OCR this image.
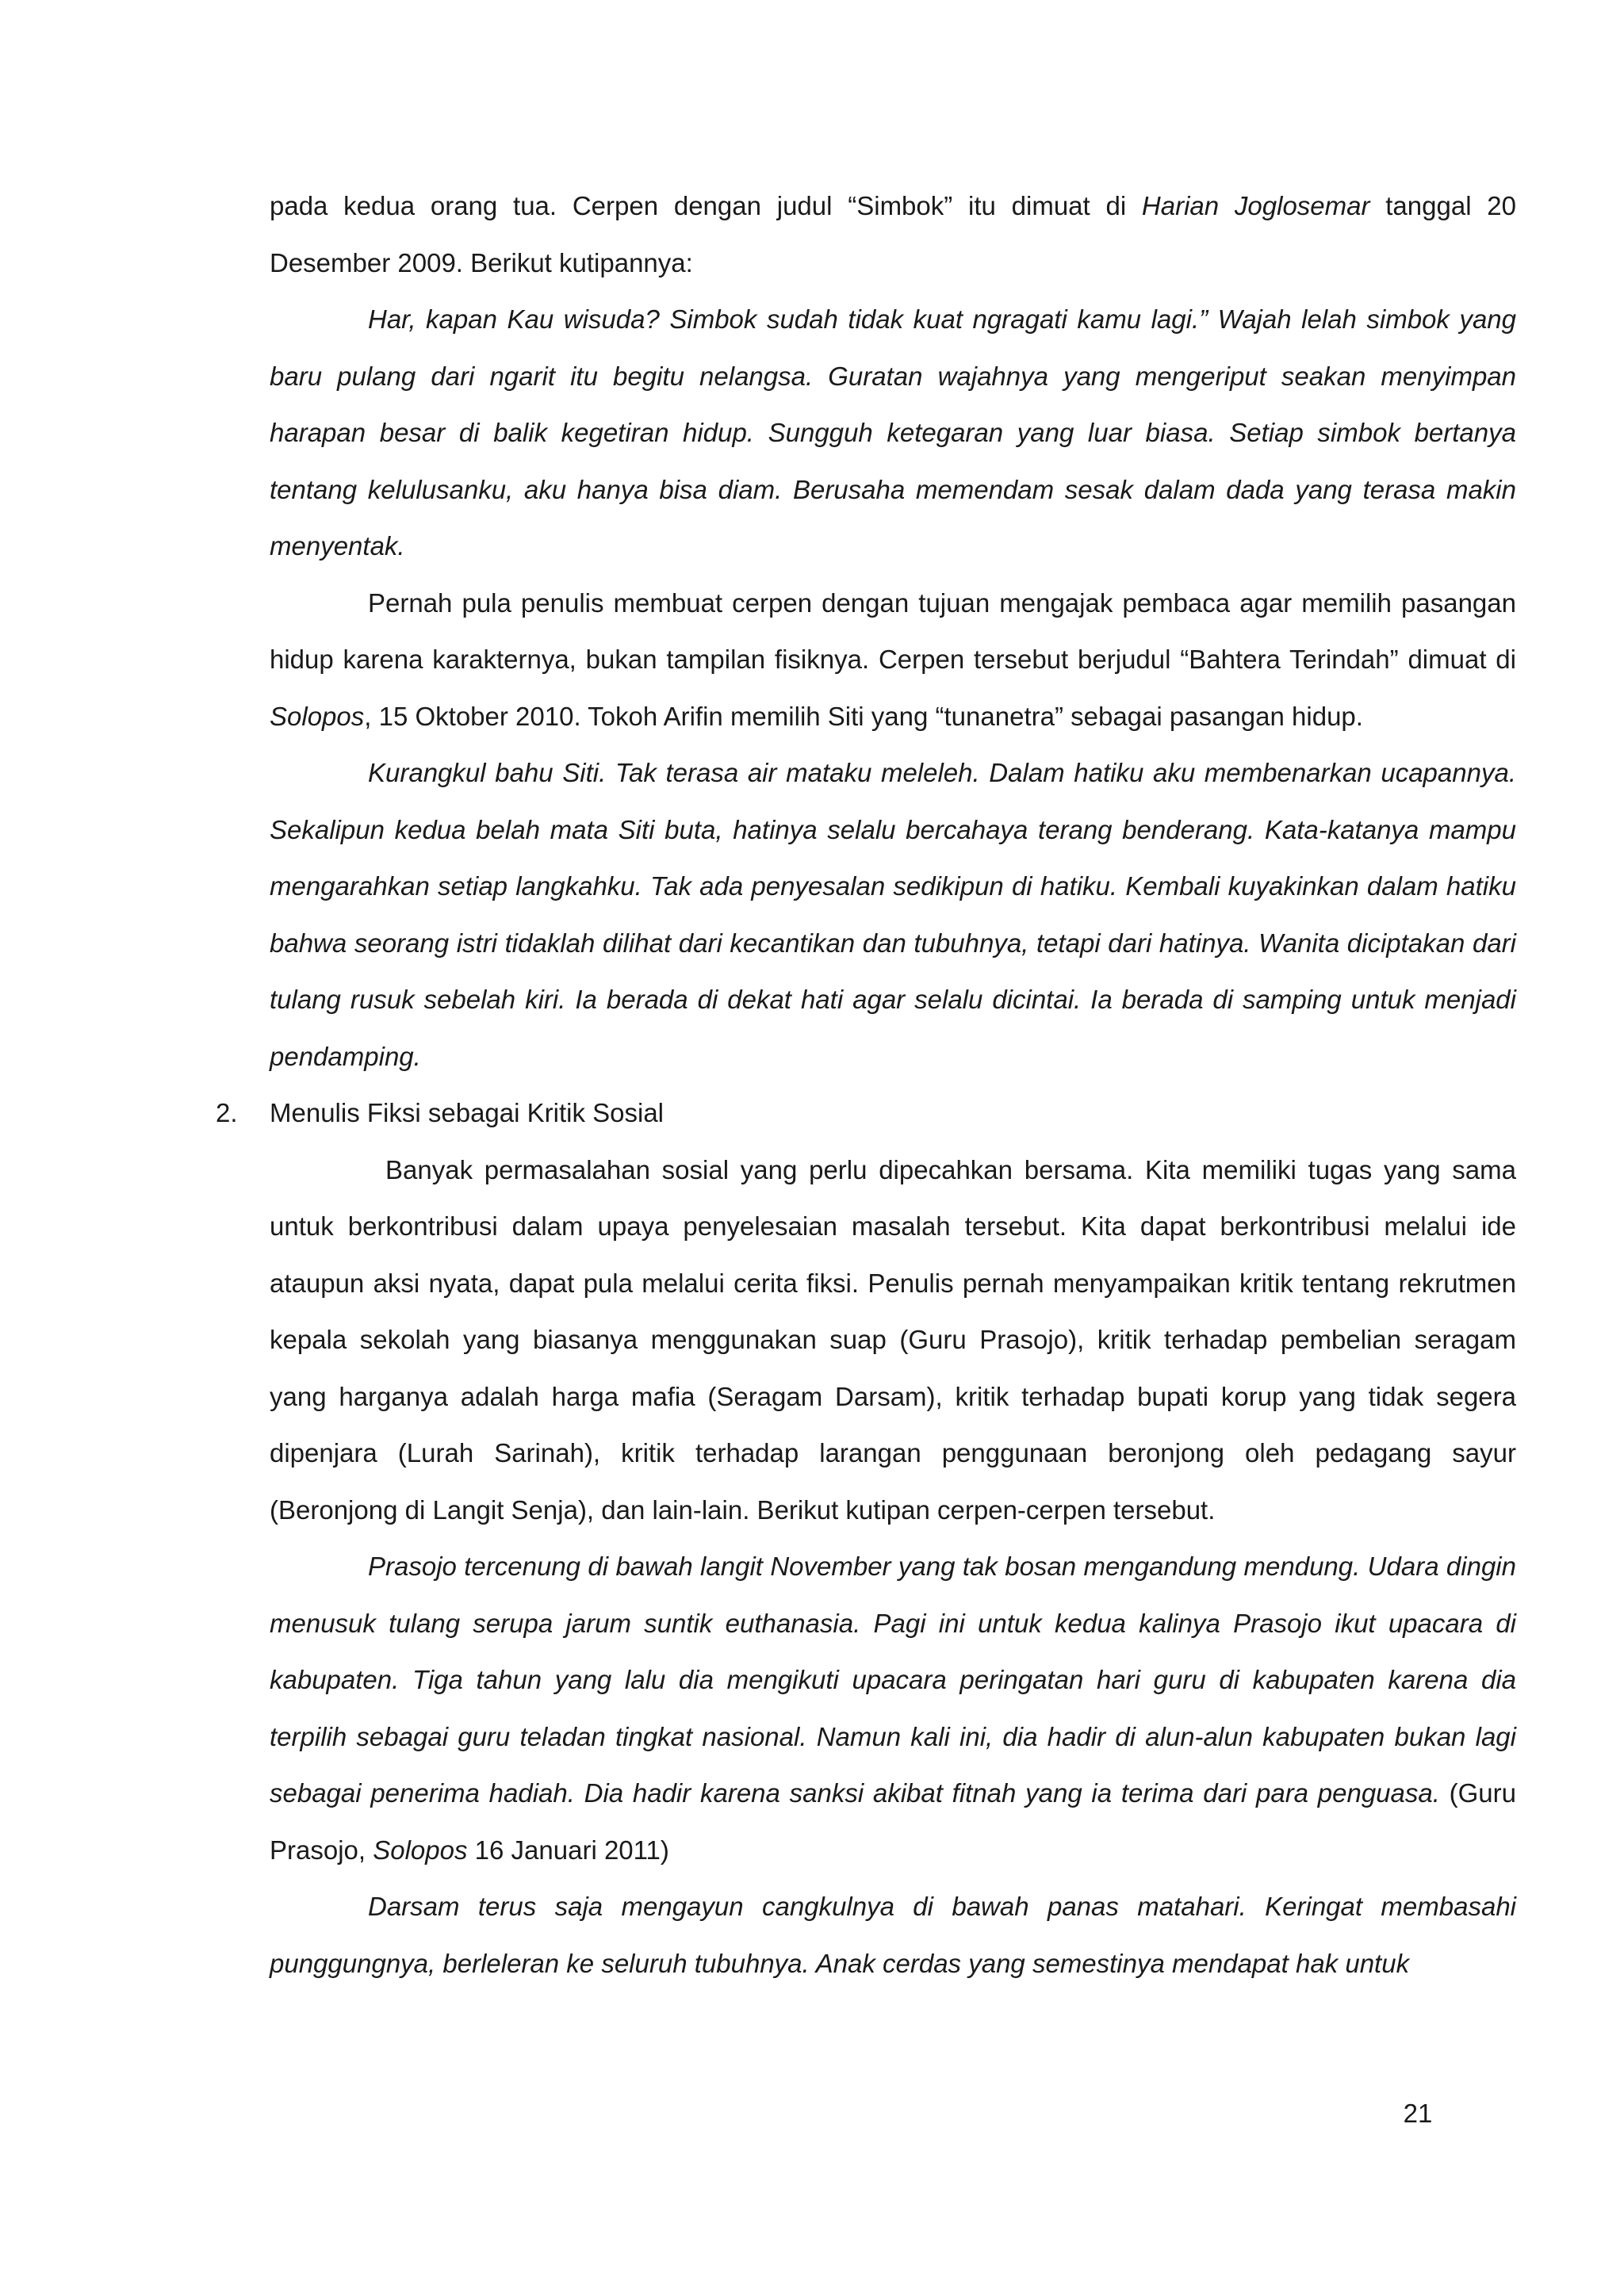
pada kedua orang tua. Cerpen dengan judul “Simbok” itu dimuat di Harian Joglosemar tanggal 20 Desember 2009. Berikut kutipannya:

Har, kapan Kau wisuda? Simbok sudah tidak kuat ngragati kamu lagi.” Wajah lelah simbok yang baru pulang dari ngarit itu begitu nelangsa. Guratan wajahnya yang mengeriput seakan menyimpan harapan besar di balik kegetiran hidup. Sungguh ketegaran yang luar biasa. Setiap simbok bertanya tentang kelulusanku, aku hanya bisa diam. Berusaha memendam sesak dalam dada yang terasa makin menyentak.

Pernah pula penulis membuat cerpen dengan tujuan mengajak pembaca agar memilih pasangan hidup karena karakternya, bukan tampilan fisiknya. Cerpen tersebut berjudul “Bahtera Terindah” dimuat di Solopos, 15 Oktober 2010. Tokoh Arifin memilih Siti yang “tunanetra” sebagai pasangan hidup.

Kurangkul bahu Siti. Tak terasa air mataku meleleh. Dalam hatiku aku membenarkan ucapannya. Sekalipun kedua belah mata Siti buta, hatinya selalu bercahaya terang benderang. Kata-katanya mampu mengarahkan setiap langkahku. Tak ada penyesalan sedikipun di hatiku. Kembali kuyakinkan dalam hatiku bahwa seorang istri tidaklah dilihat dari kecantikan dan tubuhnya, tetapi dari hatinya. Wanita diciptakan dari tulang rusuk sebelah kiri. Ia berada di dekat hati agar selalu dicintai. Ia berada di samping untuk menjadi pendamping.

2. Menulis Fiksi sebagai Kritik Sosial

Banyak permasalahan sosial yang perlu dipecahkan bersama. Kita memiliki tugas yang sama untuk berkontribusi dalam upaya penyelesaian masalah tersebut. Kita dapat berkontribusi melalui ide ataupun aksi nyata, dapat pula melalui cerita fiksi. Penulis pernah menyampaikan kritik tentang rekrutmen kepala sekolah yang biasanya menggunakan suap (Guru Prasojo), kritik terhadap pembelian seragam yang harganya adalah harga mafia (Seragam Darsam), kritik terhadap bupati korup yang tidak segera dipenjara (Lurah Sarinah), kritik terhadap larangan penggunaan beronjong oleh pedagang sayur (Beronjong di Langit Senja), dan lain-lain. Berikut kutipan cerpen-cerpen tersebut.

Prasojo tercenung di bawah langit November yang tak bosan mengandung mendung. Udara dingin menusuk tulang serupa jarum suntik euthanasia. Pagi ini untuk kedua kalinya Prasojo ikut upacara di kabupaten. Tiga tahun yang lalu dia mengikuti upacara peringatan hari guru di kabupaten karena dia terpilih sebagai guru teladan tingkat nasional. Namun kali ini, dia hadir di alun-alun kabupaten bukan lagi sebagai penerima hadiah. Dia hadir karena sanksi akibat fitnah yang ia terima dari para penguasa. (Guru Prasojo, Solopos 16 Januari 2011)

Darsam terus saja mengayun cangkulnya di bawah panas matahari. Keringat membasahi punggungnya, berleleran ke seluruh tubuhnya. Anak cerdas yang semestinya mendapat hak untuk

21
